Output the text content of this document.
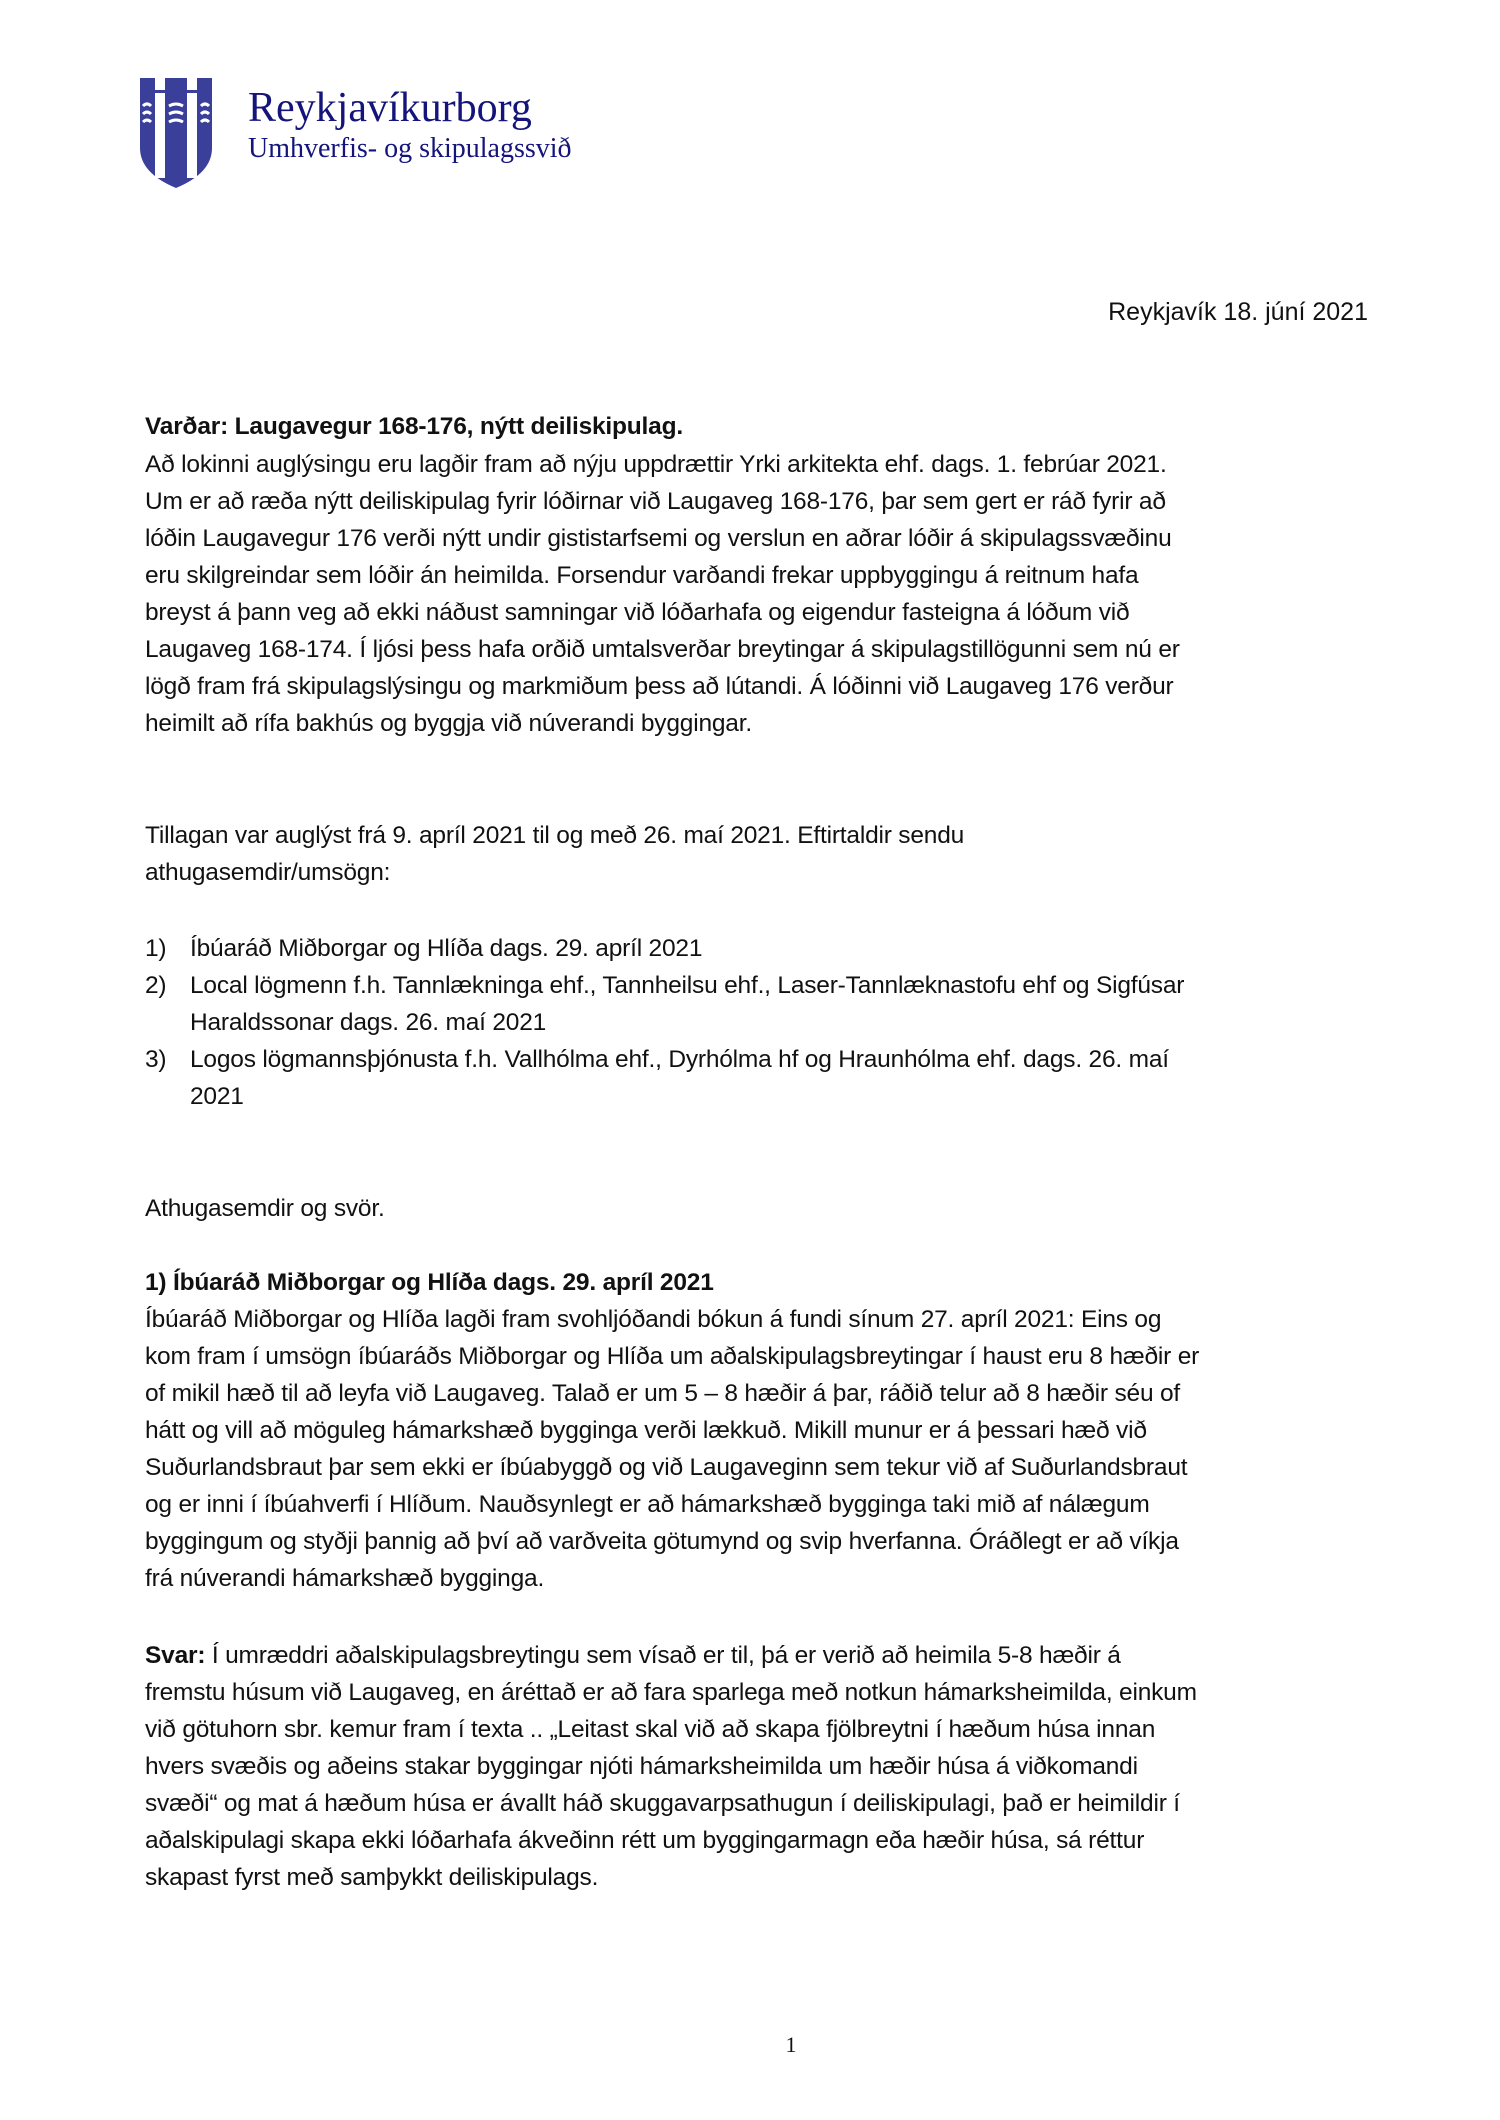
Reykjavíkurborg
Umhverfis- og skipulagssvið
Reykjavík 18. júní 2021
Varðar: Laugavegur 168-176, nýtt deiliskipulag.
Að lokinni auglýsingu eru lagðir fram að nýju uppdrættir Yrki arkitekta ehf. dags. 1. febrúar 2021.
Um er að ræða nýtt deiliskipulag fyrir lóðirnar við Laugaveg 168-176, þar sem gert er ráð fyrir að
lóðin Laugavegur 176 verði nýtt undir gististarfsemi og verslun en aðrar lóðir á skipulagssvæðinu
eru skilgreindar sem lóðir án heimilda. Forsendur varðandi frekar uppbyggingu á reitnum hafa
breyst á þann veg að ekki náðust samningar við lóðarhafa og eigendur fasteigna á lóðum við
Laugaveg 168-174. Í ljósi þess hafa orðið umtalsverðar breytingar á skipulagstillögunni sem nú er
lögð fram frá skipulagslýsingu og markmiðum þess að lútandi. Á lóðinni við Laugaveg 176 verður
heimilt að rífa bakhús og byggja við núverandi byggingar.
Tillagan var auglýst frá 9. apríl 2021 til og með 26. maí 2021. Eftirtaldir sendu
athugasemdir/umsögn:
1) Íbúaráð Miðborgar og Hlíða dags. 29. apríl 2021
2) Local lögmenn f.h. Tannlækninga ehf., Tannheilsu ehf., Laser-Tannlæknastofu ehf og Sigfúsar
Haraldssonar dags. 26. maí 2021
3) Logos lögmannsþjónusta f.h. Vallhólma ehf., Dyrhólma hf og Hraunhólma ehf. dags. 26. maí
2021
Athugasemdir og svör.
1) Íbúaráð Miðborgar og Hlíða dags. 29. apríl 2021
Íbúaráð Miðborgar og Hlíða lagði fram svohljóðandi bókun á fundi sínum 27. apríl 2021: Eins og
kom fram í umsögn íbúaráðs Miðborgar og Hlíða um aðalskipulagsbreytingar í haust eru 8 hæðir er
of mikil hæð til að leyfa við Laugaveg. Talað er um 5 – 8 hæðir á þar, ráðið telur að 8 hæðir séu of
hátt og vill að möguleg hámarkshæð bygginga verði lækkuð. Mikill munur er á þessari hæð við
Suðurlandsbraut þar sem ekki er íbúabyggð og við Laugaveginn sem tekur við af Suðurlandsbraut
og er inni í íbúahverfi í Hlíðum. Nauðsynlegt er að hámarkshæð bygginga taki mið af nálægum
byggingum og styðji þannig að því að varðveita götumynd og svip hverfanna. Óráðlegt er að víkja
frá núverandi hámarkshæð bygginga.
Svar: Í umræddri aðalskipulagsbreytingu sem vísað er til, þá er verið að heimila 5-8 hæðir á
fremstu húsum við Laugaveg, en áréttað er að fara sparlega með notkun hámarksheimilda, einkum
við götuhorn sbr. kemur fram í texta .. „Leitast skal við að skapa fjölbreytni í hæðum húsa innan
hvers svæðis og aðeins stakar byggingar njóti hámarksheimilda um hæðir húsa á viðkomandi
svæði“ og mat á hæðum húsa er ávallt háð skuggavarpsathugun í deiliskipulagi, það er heimildir í
aðalskipulagi skapa ekki lóðarhafa ákveðinn rétt um byggingarmagn eða hæðir húsa, sá réttur
skapast fyrst með samþykkt deiliskipulags.
1
